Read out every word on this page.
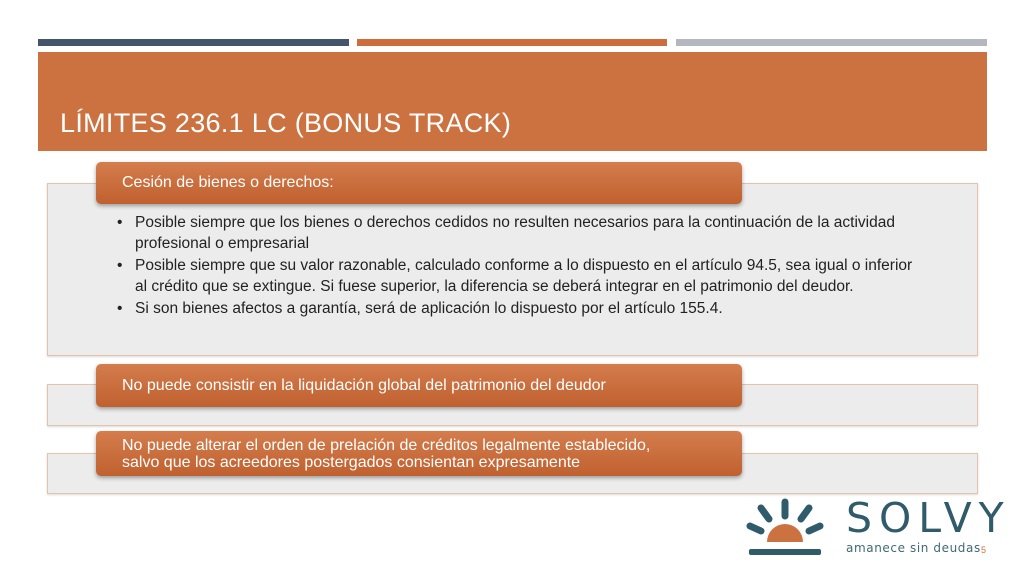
LÍMITES 236.1 LC (BONUS TRACK)
Cesión de bienes o derechos:
• Posible siempre que los bienes o derechos cedidos no resulten necesarios para la continuación de la actividad profesional o empresarial
• Posible siempre que su valor razonable, calculado conforme a lo dispuesto en el artículo 94.5, sea igual o inferior al crédito que se extingue. Si fuese superior, la diferencia se deberá integrar en el patrimonio del deudor.
• Si son bienes afectos a garantía, será de aplicación lo dispuesto por el artículo 155.4.
No puede consistir en la liquidación global del patrimonio del deudor
No puede alterar el orden de prelación de créditos legalmente establecido,
salvo que los acreedores postergados consientan expresamente
SOLVY
amanece sin deudas 5
